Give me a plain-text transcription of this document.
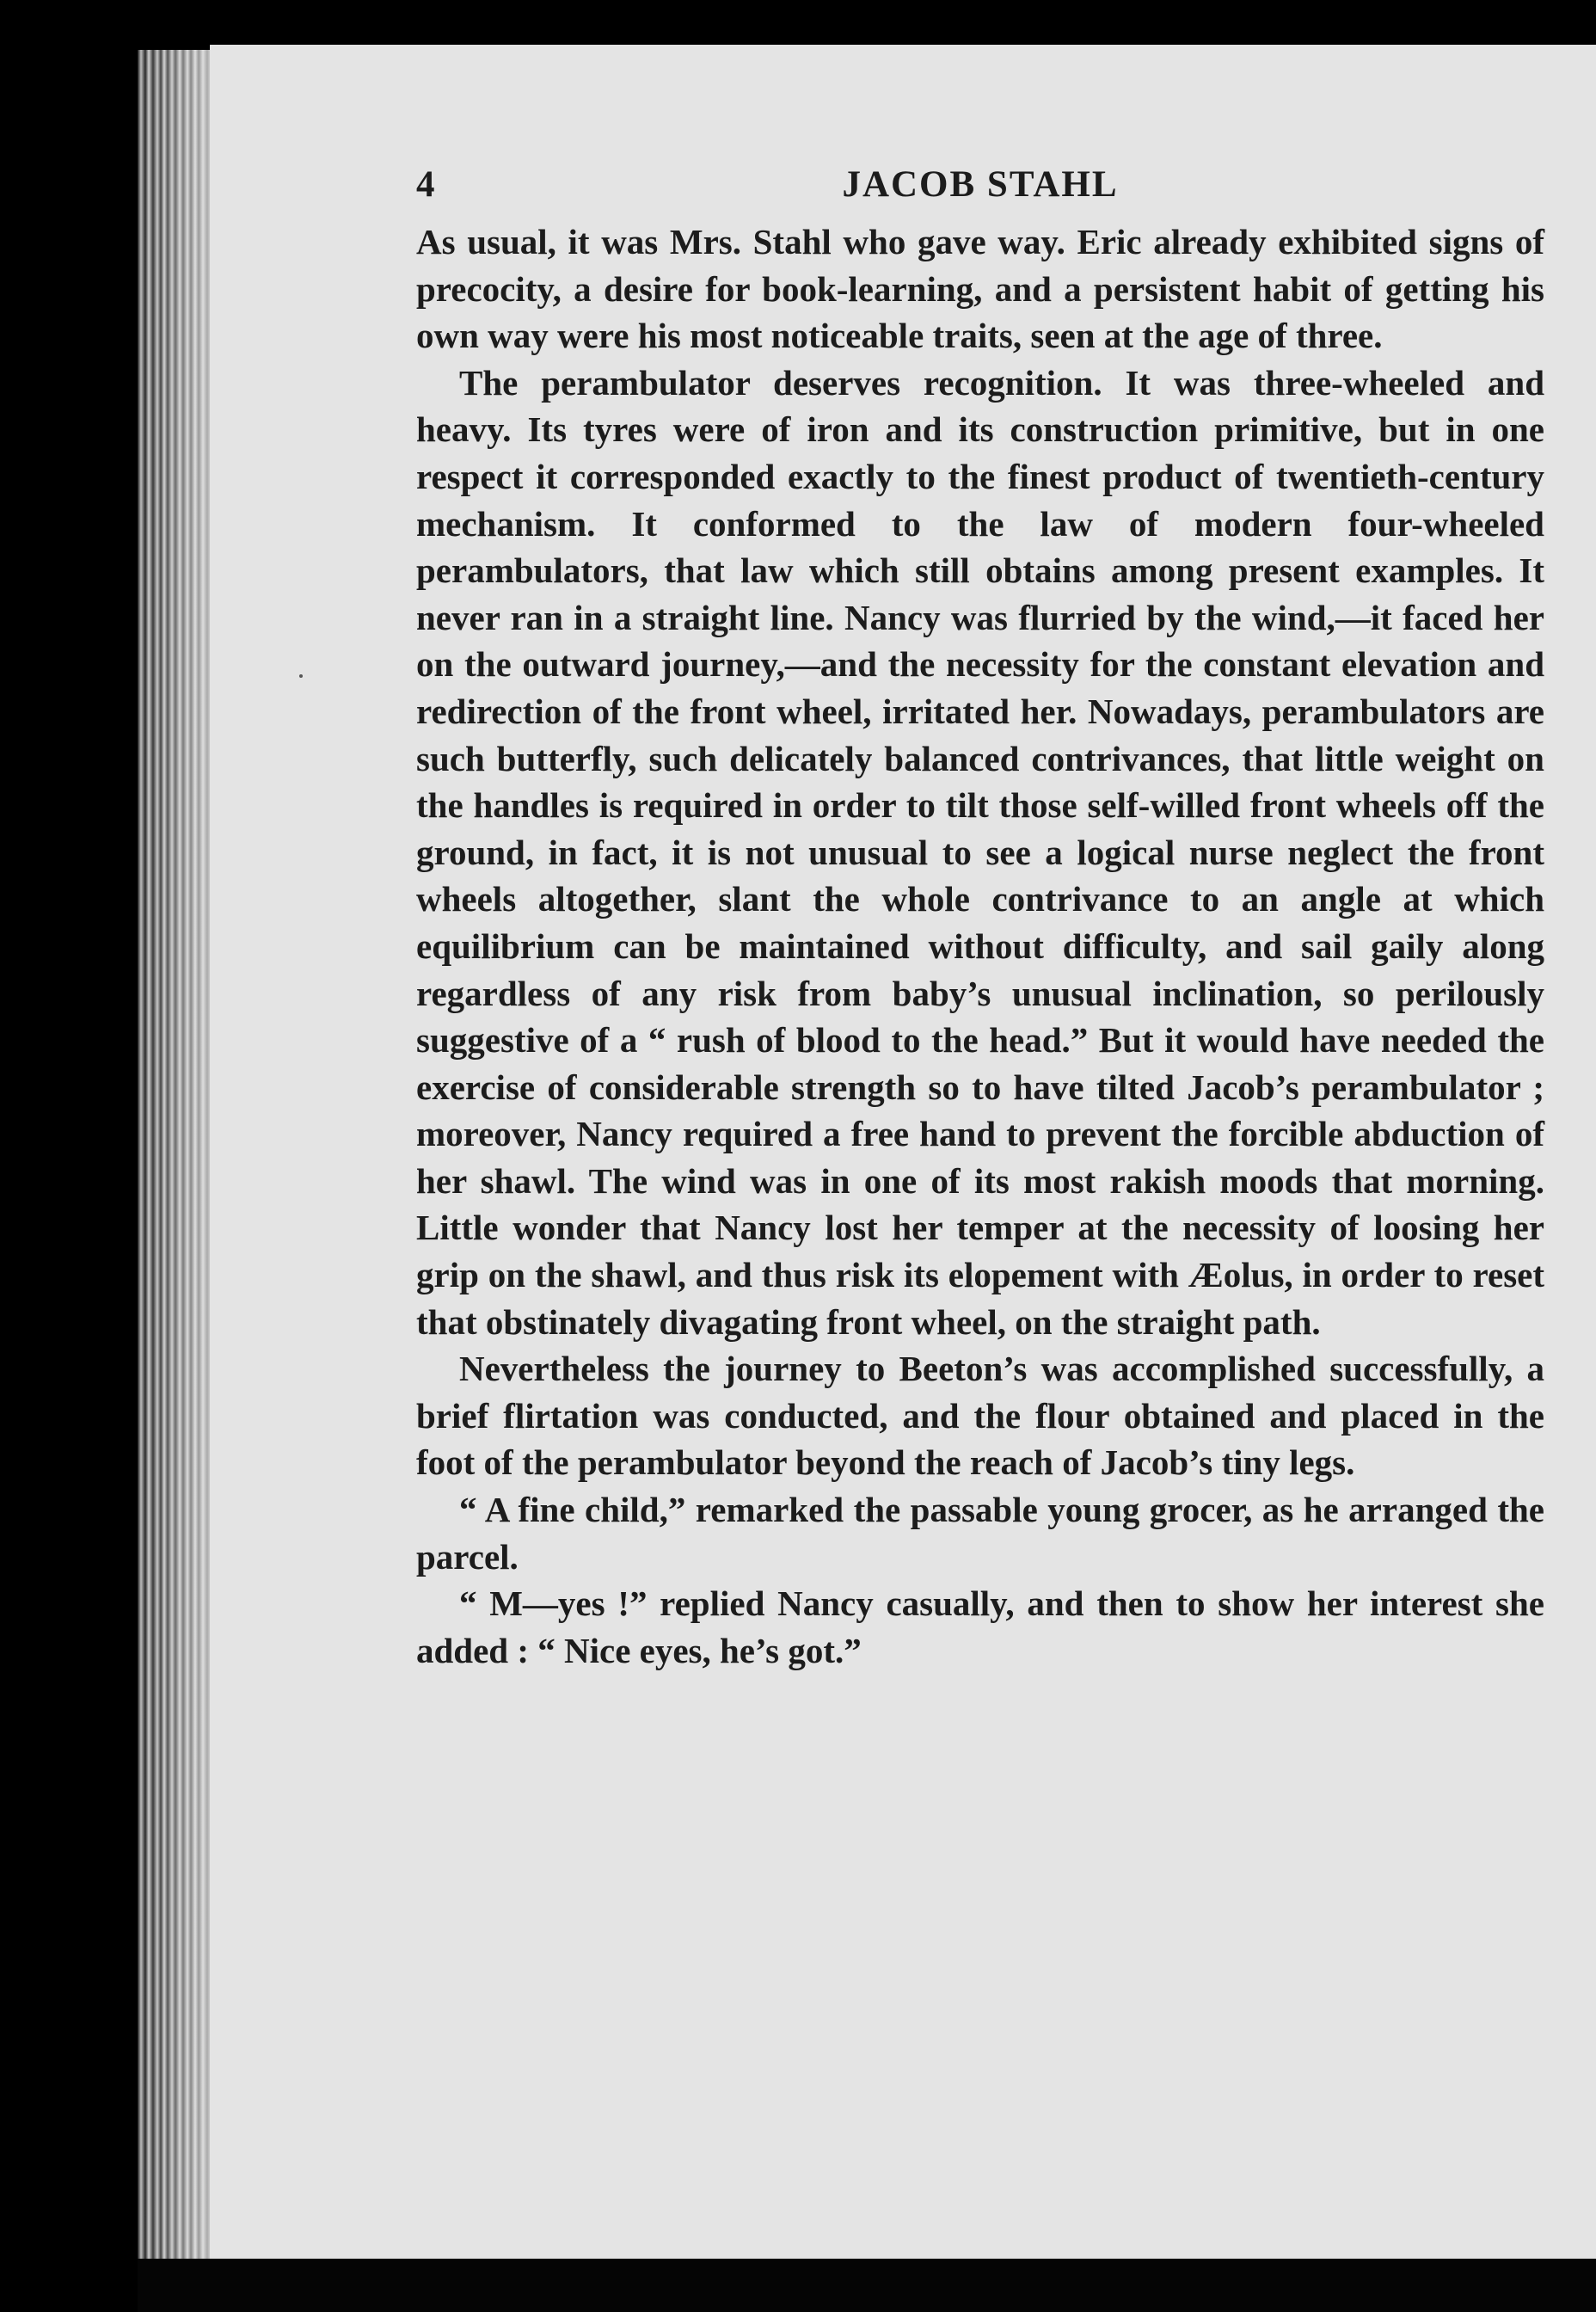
4	JACOB STAHL

As usual, it was Mrs. Stahl who gave way. Eric already exhibited signs of precocity, a desire for book-learning, and a persistent habit of getting his own way were his most noticeable traits, seen at the age of three.

The perambulator deserves recognition. It was three-wheeled and heavy. Its tyres were of iron and its construction primitive, but in one respect it corresponded exactly to the finest product of twentieth-century mechanism. It conformed to the law of modern four-wheeled perambulators, that law which still obtains among present examples. It never ran in a straight line. Nancy was flurried by the wind,—it faced her on the outward journey,—and the necessity for the constant elevation and redirection of the front wheel, irritated her. Nowadays, perambulators are such butterfly, such delicately balanced contrivances, that little weight on the handles is required in order to tilt those self-willed front wheels off the ground, in fact, it is not unusual to see a logical nurse neglect the front wheels altogether, slant the whole contrivance to an angle at which equilibrium can be maintained without difficulty, and sail gaily along regardless of any risk from baby’s unusual inclination, so perilously suggestive of a “ rush of blood to the head.” But it would have needed the exercise of considerable strength so to have tilted Jacob’s perambulator ; moreover, Nancy required a free hand to prevent the forcible abduction of her shawl. The wind was in one of its most rakish moods that morning. Little wonder that Nancy lost her temper at the necessity of loosing her grip on the shawl, and thus risk its elopement with Æolus, in order to reset that obstinately divagating front wheel, on the straight path.

Nevertheless the journey to Beeton’s was accomplished successfully, a brief flirtation was conducted, and the flour obtained and placed in the foot of the perambulator beyond the reach of Jacob’s tiny legs.

“ A fine child,” remarked the passable young grocer, as he arranged the parcel.

“ M—yes !” replied Nancy casually, and then to show her interest she added : “ Nice eyes, he’s got.”
